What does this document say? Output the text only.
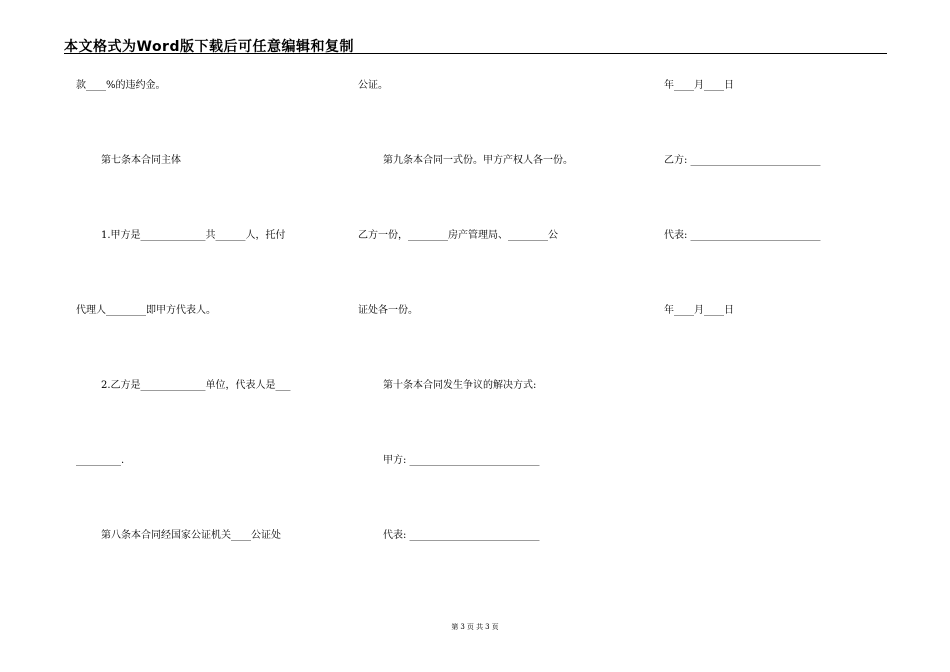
本文格式为Word版下载后可任意编辑和复制
款____%的违约金。
第七条本合同主体
1.甲方是_____________共______人，托付
代理人________即甲方代表人。
2.乙方是_____________单位，代表人是___
_________.
第八条本合同经国家公证机关____公证处
公证。
第九条本合同一式份。甲方产权人各一份。
乙方一份，________房产管理局、________公
证处各一份。
第十条本合同发生争议的解决方式:
甲方: __________________________
代表: __________________________
年____月____日
乙方: __________________________
代表: __________________________
年____月____日
第 3 页 共 3 页
